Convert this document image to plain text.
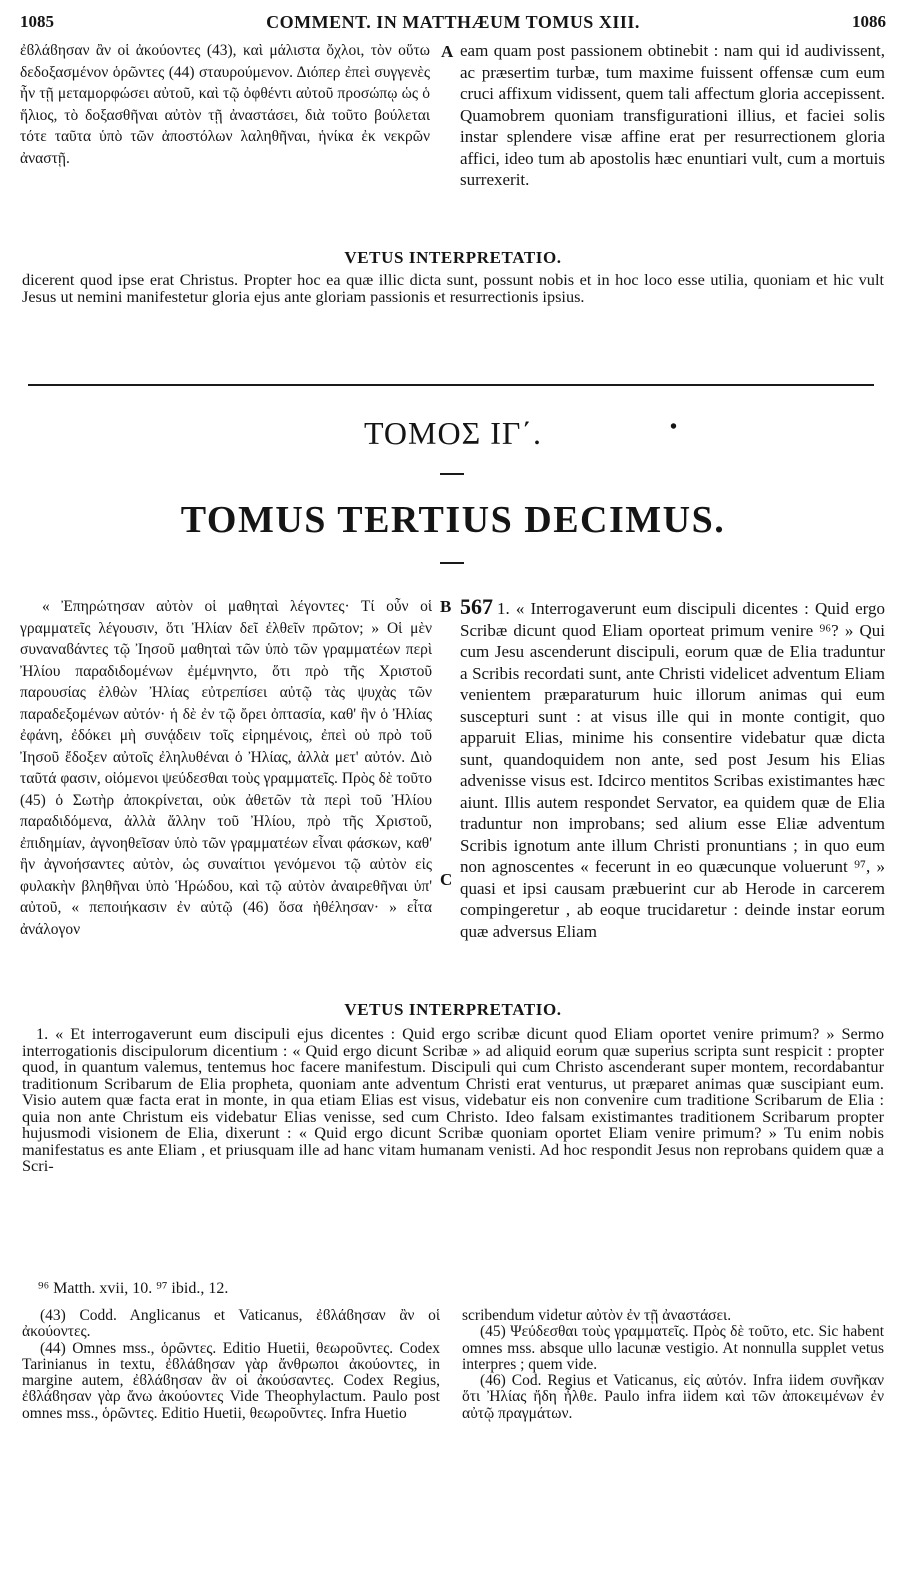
1085	COMMENT. IN MATTHÆUM TOMUS XIII.	1086
ἐϐλάϐησαν ἂν οἱ ἀκούοντες (43), καὶ μάλιστα ὄχλοι, τὸν οὕτω δεδοξασμένον ὁρῶντες (44) σταυρούμενον. Διόπερ ἐπεὶ συγγενὲς ἦν τῇ μεταμορφώσει αὐτοῦ, καὶ τῷ ὀφθέντι αὐτοῦ προσώπῳ ὡς ὁ ἥλιος, τὸ δοξασθῆναι αὐτὸν τῇ ἀναστάσει, διὰ τοῦτο βούλεται τότε ταῦτα ὑπὸ τῶν ἀποστόλων λαληθῆναι, ἡνίκα ἐκ νεκρῶν ἀναστῇ.
A eam quam post passionem obtinebit : nam qui id audivissent, ac præsertim turbæ, tum maxime fuissent offensæ cum eum cruci affixum vidissent, quem tali affectum gloria accepissent. Quamobrem quoniam transfigurationi illius, et faciei solis instar splendere visæ affine erat per resurrectionem gloria affici, ideo tum ab apostolis hæc enuntiari vult, cum a mortuis surrexerit.
VETUS INTERPRETATIO.
dicerent quod ipse erat Christus. Propter hoc ea quæ illic dicta sunt, possunt nobis et in hoc loco esse utilia, quoniam et hic vult Jesus ut nemini manifestetur gloria ejus ante gloriam passionis et resurrectionis ipsius.
ΤΟΜΟΣ ΙΓ΄.	•
TOMUS TERTIUS DECIMUS.
« Ἐπηρώτησαν αὐτὸν οἱ μαθηταὶ λέγοντες· Τί οὖν οἱ γραμματεῖς λέγουσιν, ὅτι Ἠλίαν δεῖ ἐλθεῖν πρῶτον; » Οἱ μὲν συναναϐάντες τῷ Ἰησοῦ μαθηταὶ τῶν ὑπὸ τῶν γραμματέων περὶ Ἠλίου παραδιδομένων ἐμέμνηντο, ὅτι πρὸ τῆς Χριστοῦ παρουσίας ἐλθὼν Ἠλίας εὐτρεπίσει αὐτῷ τὰς ψυχὰς τῶν παραδεξομένων αὐτόν· ἡ δὲ ἐν τῷ ὄρει ὀπτασία, καθ' ἣν ὁ Ἠλίας ἐφάνη, ἐδόκει μὴ συνᾴδειν τοῖς εἰρημένοις, ἐπεὶ οὐ πρὸ τοῦ Ἰησοῦ ἔδοξεν αὐτοῖς ἐληλυθέναι ὁ Ἠλίας, ἀλλὰ μετ' αὐτόν. Διὸ ταῦτά φασιν, οἰόμενοι ψεύδεσθαι τοὺς γραμματεῖς. Πρὸς δὲ τοῦτο (45) ὁ Σωτὴρ ἀποκρίνεται, οὐκ ἀθετῶν τὰ περὶ τοῦ Ἠλίου παραδιδόμενα, ἀλλὰ ἄλλην τοῦ Ἠλίου, πρὸ τῆς Χριστοῦ, ἐπιδημίαν, ἀγνοηθεῖσαν ὑπὸ τῶν γραμματέων εἶναι φάσκων, καθ' ἣν ἀγνοήσαντες αὐτὸν, ὡς συναίτιοι γενόμενοι τῷ αὐτὸν εἰς φυλακὴν βληθῆναι ὑπὸ Ἡρώδου, καὶ τῷ αὐτὸν ἀναιρεθῆναι ὑπ' αὐτοῦ, « πεποιήκασιν ἐν αὐτῷ (46) ὅσα ἠθέλησαν· » εἶτα ἀνάλογον
B
C
567 1. « Interrogaverunt eum discipuli dicentes : Quid ergo Scribæ dicunt quod Eliam oporteat primum venire ⁹⁶? » Qui cum Jesu ascenderunt discipuli, eorum quæ de Elia traduntur a Scribis recordati sunt, ante Christi videlicet adventum Eliam venientem præparaturum huic illorum animas qui eum suscepturi sunt : at visus ille qui in monte contigit, quo apparuit Elias, minime his consentire videbatur quæ dicta sunt, quandoquidem non ante, sed post Jesum his Elias advenisse visus est. Idcirco mentitos Scribas existimantes hæc aiunt. Illis autem respondet Servator, ea quidem quæ de Elia traduntur non improbans; sed alium esse Eliæ adventum Scribis ignotum ante illum Christi pronuntians ; in quo eum non agnoscentes « fecerunt in eo quæcunque voluerunt ⁹⁷, » quasi et ipsi causam præbuerint cur ab Herode in carcerem compingeretur , ab eoque trucidaretur : deinde instar eorum quæ adversus Eliam
VETUS INTERPRETATIO.
1. « Et interrogaverunt eum discipuli ejus dicentes : Quid ergo scribæ dicunt quod Eliam oportet venire primum? » Sermo interrogationis discipulorum dicentium : « Quid ergo dicunt Scribæ » ad aliquid eorum quæ superius scripta sunt respicit : propter quod, in quantum valemus, tentemus hoc facere manifestum. Discipuli qui cum Christo ascenderant super montem, recordabantur traditionum Scribarum de Elia propheta, quoniam ante adventum Christi erat venturus, ut præparet animas quæ suscipiant eum. Visio autem quæ facta erat in monte, in qua etiam Elias est visus, videbatur eis non convenire cum traditione Scribarum de Elia : quia non ante Christum eis videbatur Elias venisse, sed cum Christo. Ideo falsam existimantes traditionem Scribarum propter hujusmodi visionem de Elia, dixerunt : « Quid ergo dicunt Scribæ quoniam oportet Eliam venire primum? » Tu enim nobis manifestatus es ante Eliam , et priusquam ille ad hanc vitam humanam venisti. Ad hoc respondit Jesus non reprobans quidem quæ a Scri-
⁹⁶ Matth. xvii, 10. ⁹⁷ ibid., 12.
(43) Codd. Anglicanus et Vaticanus, ἐϐλάϐησαν ἂν οἱ ἀκούοντες.
(44) Omnes mss., ὁρῶντες. Editio Huetii, θεωροῦντες. Codex Tarinianus in textu, ἐϐλάϐησαν γὰρ ἄνθρωποι ἀκούοντες, in margine autem, ἐϐλάϐησαν ἂν οἱ ἀκούσαντες. Codex Regius, ἐϐλάϐησαν γὰρ ἄνω ἀκούοντες Vide Theophylactum. Paulo post omnes mss., ὁρῶντες. Editio Huetii, θεωροῦντες. Infra Huetio
scribendum videtur αὐτὸν ἐν τῇ ἀναστάσει.
(45) Ψεύδεσθαι τοὺς γραμματεῖς. Πρὸς δὲ τοῦτο, etc. Sic habent omnes mss. absque ullo lacunæ vestigio. At nonnulla supplet vetus interpres ; quem vide.
(46) Cod. Regius et Vaticanus, εἰς αὐτόν. Infra iidem συνῆκαν ὅτι Ἠλίας ἤδη ἦλθε. Paulo infra iidem καὶ τῶν ἀποκειμένων ἐν αὐτῷ πραγμάτων.
